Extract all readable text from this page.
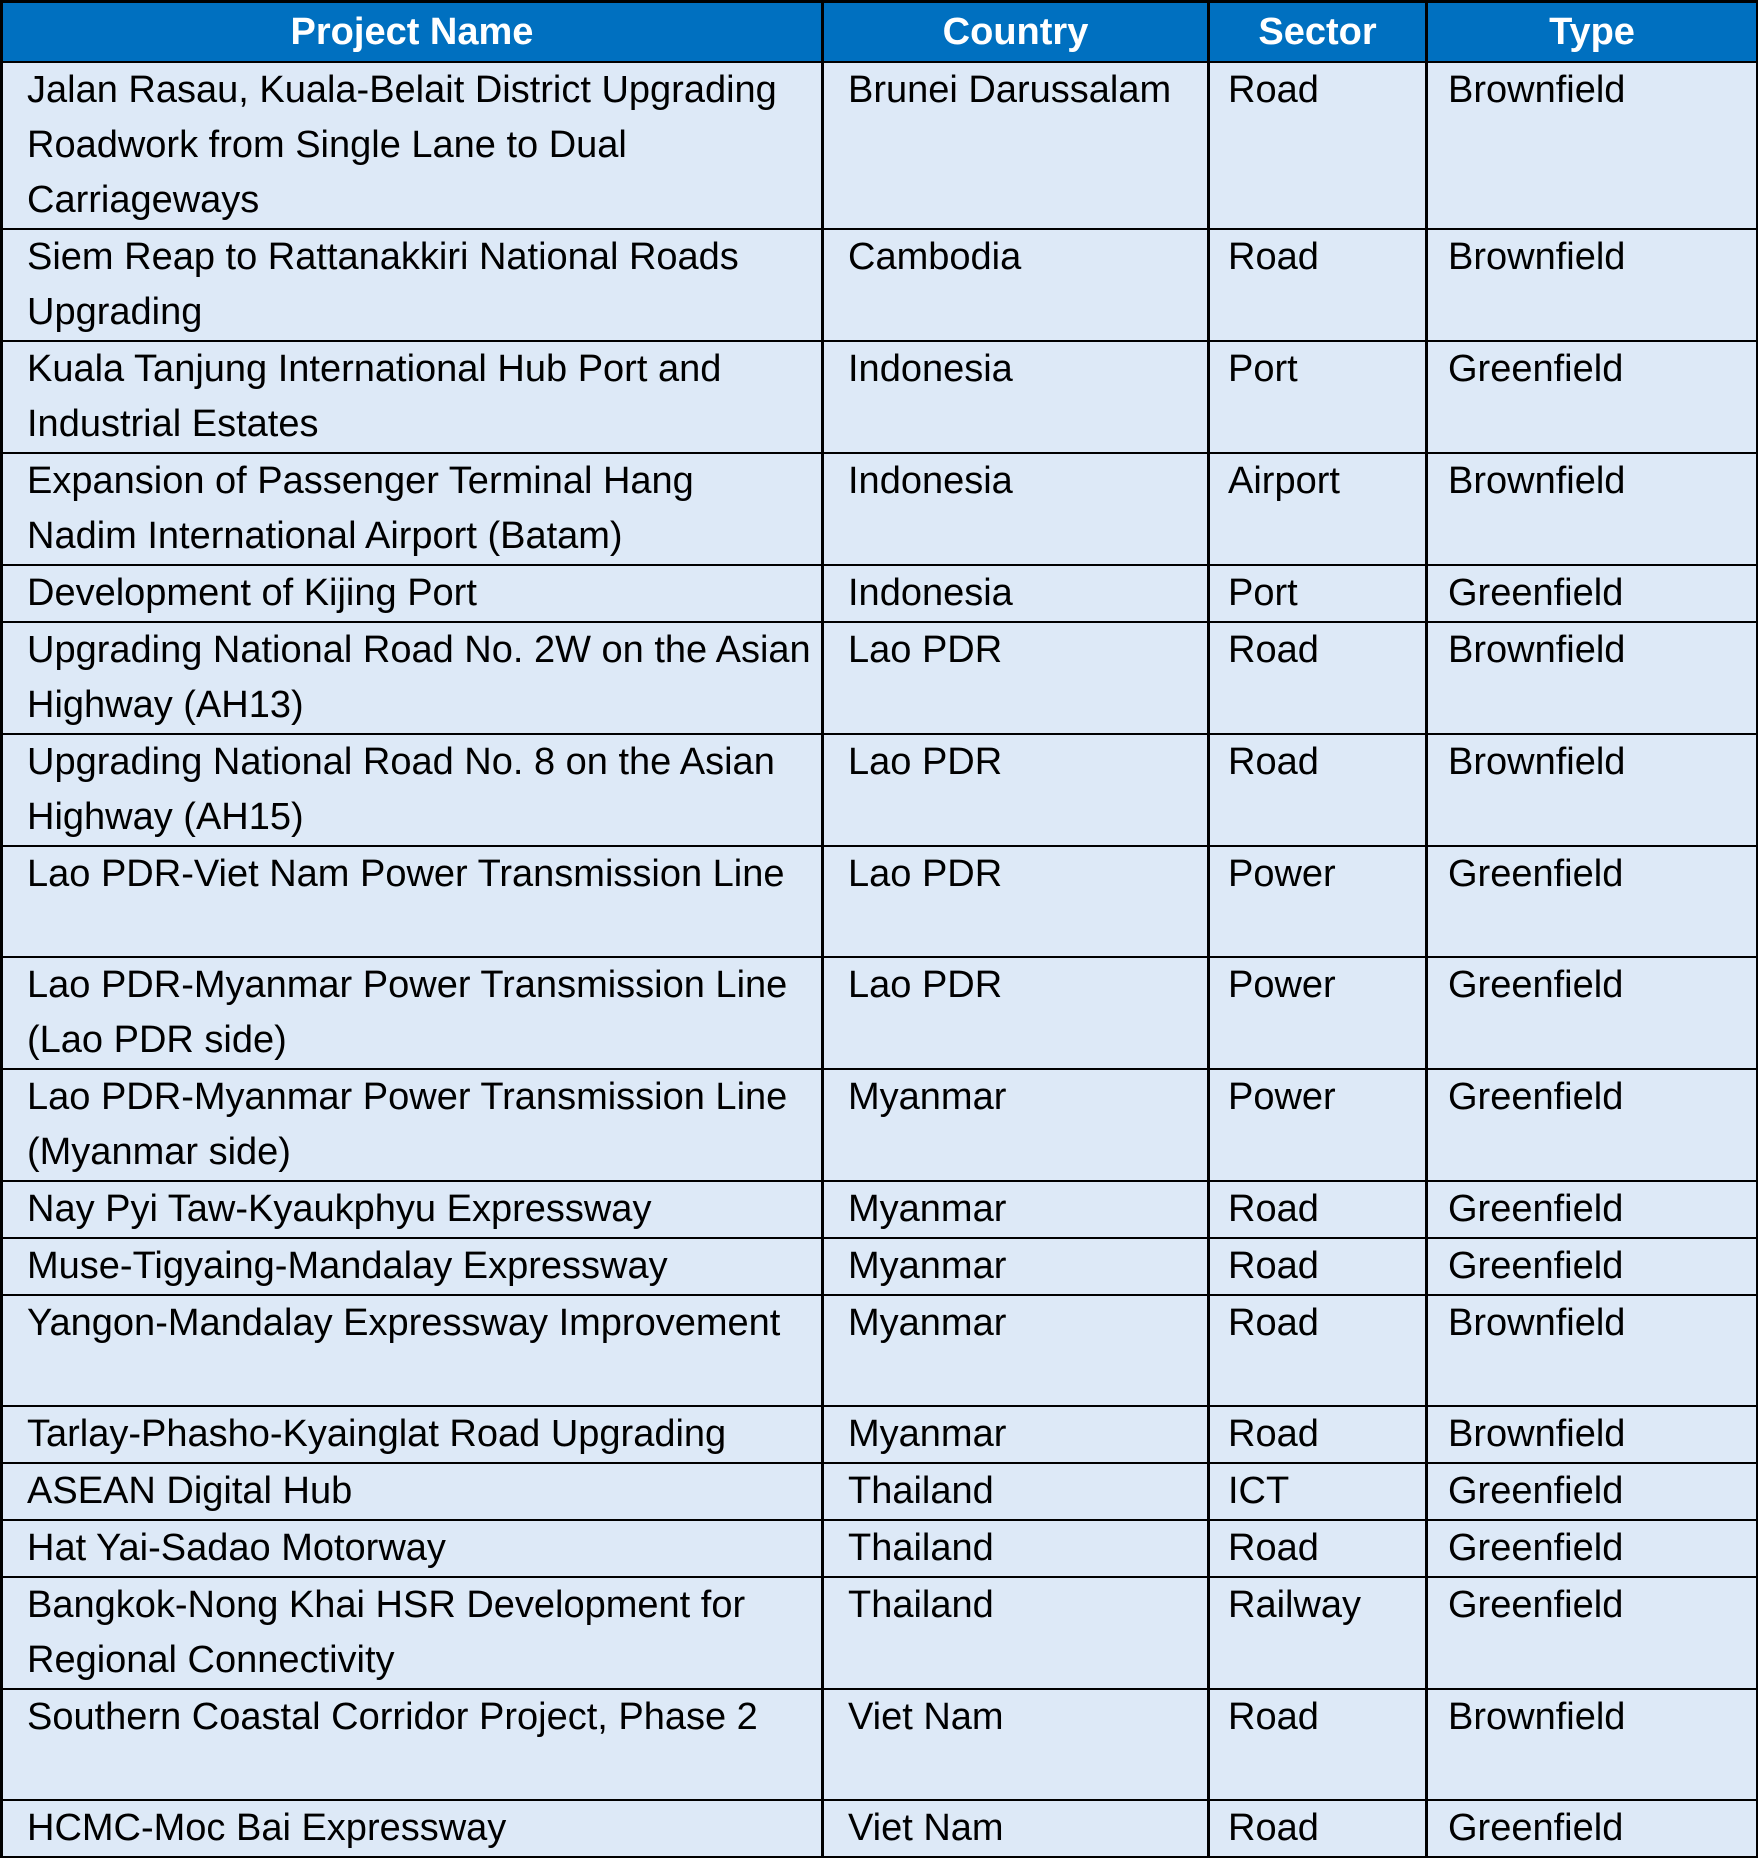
Project Name	Country	Sector	Type
Jalan Rasau, Kuala-Belait District Upgrading Roadwork from Single Lane to Dual Carriageways	Brunei Darussalam	Road	Brownfield
Siem Reap to Rattanakkiri National Roads Upgrading	Cambodia	Road	Brownfield
Kuala Tanjung International Hub Port and Industrial Estates	Indonesia	Port	Greenfield
Expansion of Passenger Terminal Hang Nadim International Airport (Batam)	Indonesia	Airport	Brownfield
Development of Kijing Port	Indonesia	Port	Greenfield
Upgrading National Road No. 2W on the Asian Highway (AH13)	Lao PDR	Road	Brownfield
Upgrading National Road No. 8 on the Asian Highway (AH15)	Lao PDR	Road	Brownfield
Lao PDR-Viet Nam Power Transmission Line	Lao PDR	Power	Greenfield
Lao PDR-Myanmar Power Transmission Line (Lao PDR side)	Lao PDR	Power	Greenfield
Lao PDR-Myanmar Power Transmission Line (Myanmar side)	Myanmar	Power	Greenfield
Nay Pyi Taw-Kyaukphyu Expressway	Myanmar	Road	Greenfield
Muse-Tigyaing-Mandalay Expressway	Myanmar	Road	Greenfield
Yangon-Mandalay Expressway Improvement	Myanmar	Road	Brownfield
Tarlay-Phasho-Kyainglat Road Upgrading	Myanmar	Road	Brownfield
ASEAN Digital Hub	Thailand	ICT	Greenfield
Hat Yai-Sadao Motorway	Thailand	Road	Greenfield
Bangkok-Nong Khai HSR Development for Regional Connectivity	Thailand	Railway	Greenfield
Southern Coastal Corridor Project, Phase 2	Viet Nam	Road	Brownfield
HCMC-Moc Bai Expressway	Viet Nam	Road	Greenfield
